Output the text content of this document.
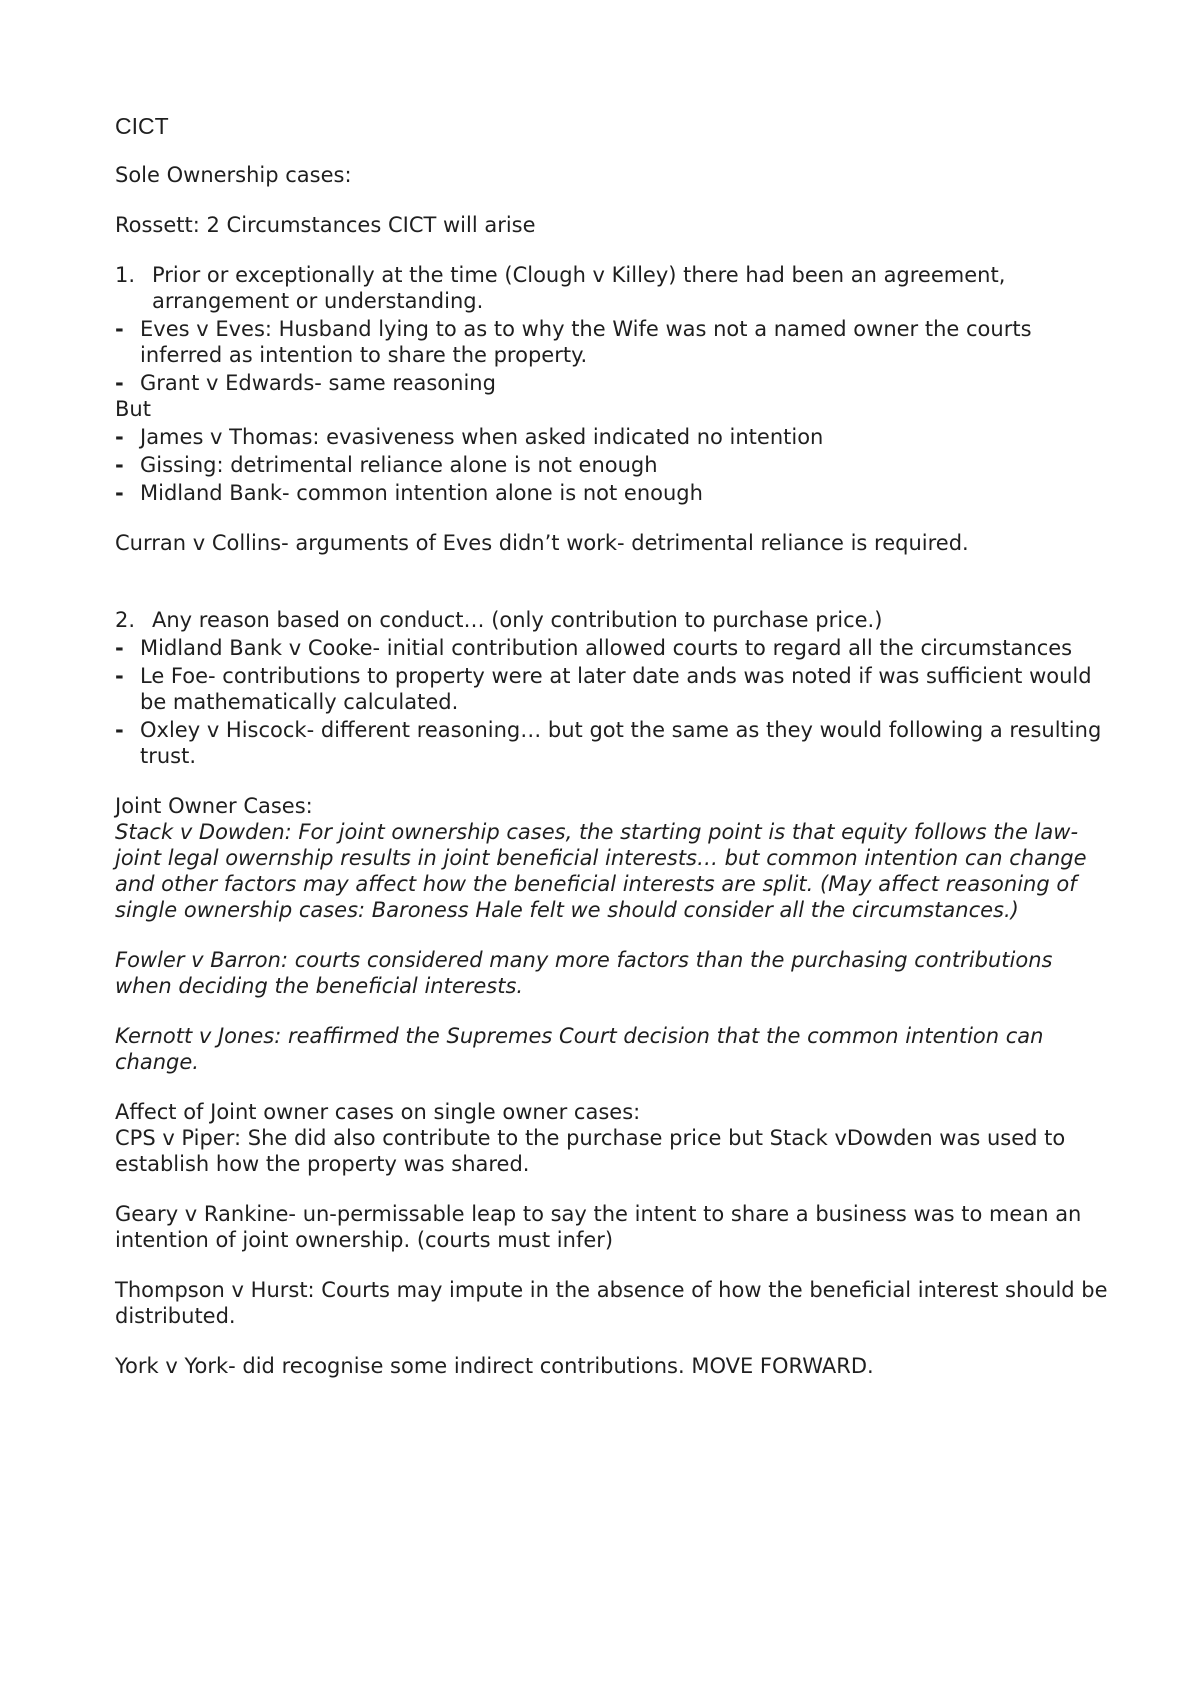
CICT

Sole Ownership cases:

Rossett: 2 Circumstances CICT will arise

1. Prior or exceptionally at the time (Clough v Killey) there had been an agreement, arrangement or understanding.
- Eves v Eves: Husband lying to as to why the Wife was not a named owner the courts inferred as intention to share the property.
- Grant v Edwards- same reasoning

But

- James v Thomas: evasiveness when asked indicated no intention
- Gissing: detrimental reliance alone is not enough
- Midland Bank- common intention alone is not enough

Curran v Collins- arguments of Eves didn’t work- detrimental reliance is required.

2. Any reason based on conduct… (only contribution to purchase price.)
- Midland Bank v Cooke- initial contribution allowed courts to regard all the circumstances
- Le Foe- contributions to property were at later date ands was noted if was sufficient would be mathematically calculated.
- Oxley v Hiscock- different reasoning… but got the same as they would following a resulting trust.

Joint Owner Cases:

Stack v Dowden: For joint ownership cases, the starting point is that equity follows the law-joint legal owernship results in joint beneficial interests… but common intention can change and other factors may affect how the beneficial interests are split. (May affect reasoning of single ownership cases: Baroness Hale felt we should consider all the circumstances.)

Fowler v Barron: courts considered many more factors than the purchasing contributions when deciding the beneficial interests.

Kernott v Jones: reaffirmed the Supremes Court decision that the common intention can change.

Affect of Joint owner cases on single owner cases:

CPS v Piper: She did also contribute to the purchase price but Stack vDowden was used to establish how the property was shared.

Geary v Rankine- un-permissable leap to say the intent to share a business was to mean an intention of joint ownership. (courts must infer)

Thompson v Hurst: Courts may impute in the absence of how the beneficial interest should be distributed.

York v York- did recognise some indirect contributions. MOVE FORWARD.
